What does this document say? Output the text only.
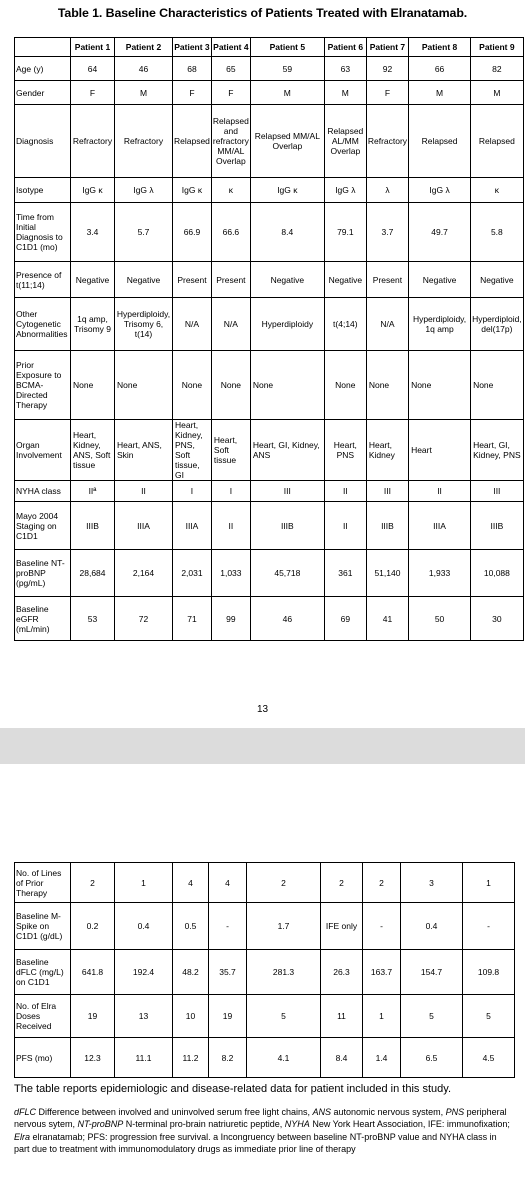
Table 1. Baseline Characteristics of Patients Treated with Elranatamab.
	Patient 1	Patient 2	Patient 3	Patient 4	Patient 5	Patient 6	Patient 7	Patient 8	Patient 9
Age (y)	64	46	68	65	59	63	92	66	82
Gender	F	M	F	F	M	M	F	M	M
Diagnosis	Refractory	Refractory	Relapsed	Relapsed and refractory MM/AL Overlap	Relapsed MM/AL Overlap	Relapsed AL/MM Overlap	Refractory	Relapsed	Relapsed
Isotype	IgG κ	IgG λ	IgG κ	κ	IgG κ	IgG λ	λ	IgG λ	κ
Time from Initial Diagnosis to C1D1 (mo)	3.4	5.7	66.9	66.6	8.4	79.1	3.7	49.7	5.8
Presence of t(11;14)	Negative	Negative	Present	Present	Negative	Negative	Present	Negative	Negative
Other Cytogenetic Abnormalities	1q amp, Trisomy 9	Hyperdiploidy, Trisomy 6, t(14)	N/A	N/A	Hyperdiploidy	t(4;14)	N/A	Hyperdiploidy, 1q amp	Hyperdiploid, del(17p)
Prior Exposure to BCMA-Directed Therapy	None	None	None	None	None	None	None	None	None
Organ Involvement	Heart, Kidney, ANS, Soft tissue	Heart, ANS, Skin	Heart, Kidney, PNS, Soft tissue, GI	Heart, Soft tissue	Heart, GI, Kidney, ANS	Heart, PNS	Heart, Kidney	Heart	Heart, GI, Kidney, PNS
NYHA class	IIª	II	I	I	III	II	III	II	III
Mayo 2004 Staging on C1D1	IIIB	IIIA	IIIA	II	IIIB	II	IIIB	IIIA	IIIB
Baseline NT-proBNP (pg/mL)	28,684	2,164	2,031	1,033	45,718	361	51,140	1,933	10,088
Baseline eGFR (mL/min)	53	72	71	99	46	69	41	50	30
13
No. of Lines of Prior Therapy	2	1	4	4	2	2	2	3	1
Baseline M-Spike on C1D1 (g/dL)	0.2	0.4	0.5	-	1.7	IFE only	-	0.4	-
Baseline dFLC (mg/L) on C1D1	641.8	192.4	48.2	35.7	281.3	26.3	163.7	154.7	109.8
No. of Elra Doses Received	19	13	10	19	5	11	1	5	5
PFS (mo)	12.3	11.1	11.2	8.2	4.1	8.4	1.4	6.5	4.5
The table reports epidemiologic and disease-related data for patient included in this study.
dFLC Difference between involved and uninvolved serum free light chains, ANS autonomic nervous system, PNS peripheral nervous sytem, NT-proBNP N-terminal pro-brain natriuretic peptide, NYHA New York Heart Association, IFE: immunofixation; Elra elranatamab; PFS: progression free survival. a Incongruency between baseline NT-proBNP value and NYHA class in part due to treatment with immunomodulatory drugs as immediate prior line of therapy
